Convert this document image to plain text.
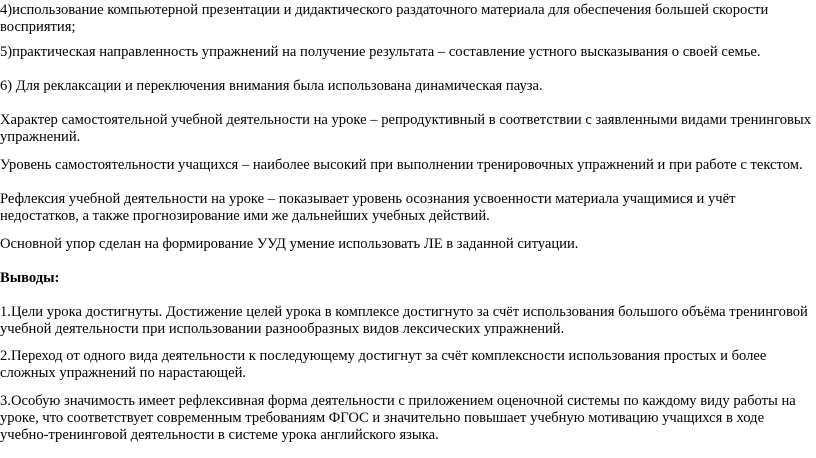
4)использование компьютерной презентации и дидактического раздаточного материала для обеспечения большей скорости восприятия;

5)практическая направленность упражнений на получение результата – составление устного высказывания о своей семье.

6) Для реклаксации и переключения внимания была использована динамическая пауза.

Характер самостоятельной учебной деятельности на уроке – репродуктивный в соответствии с заявленными видами тренинговых упражнений.

Уровень самостоятельности учащихся – наиболее высокий при выполнении тренировочных упражнений и при работе с текстом.

Рефлексия учебной деятельности на уроке – показывает уровень осознания усвоенности материала учащимися и учёт недостатков, а также прогнозирование ими же дальнейших учебных действий.

Основной упор сделан на формирование УУД умение использовать ЛЕ в заданной ситуации.

Выводы:

1.Цели урока достигнуты. Достижение целей урока в комплексе достигнуто за счёт использования большого объёма тренинговой учебной деятельности при использовании разнообразных видов лексических упражнений.

2.Переход от одного вида деятельности к последующему достигнут за счёт комплексности использования простых и более сложных упражнений по нарастающей.

3.Особую значимость имеет рефлексивная форма деятельности с приложением оценочной системы по каждому виду работы на уроке, что соответствует современным требованиям ФГОС и значительно повышает учебную мотивацию учащихся в ходе учебно-тренинговой деятельности в системе урока английского языка.
